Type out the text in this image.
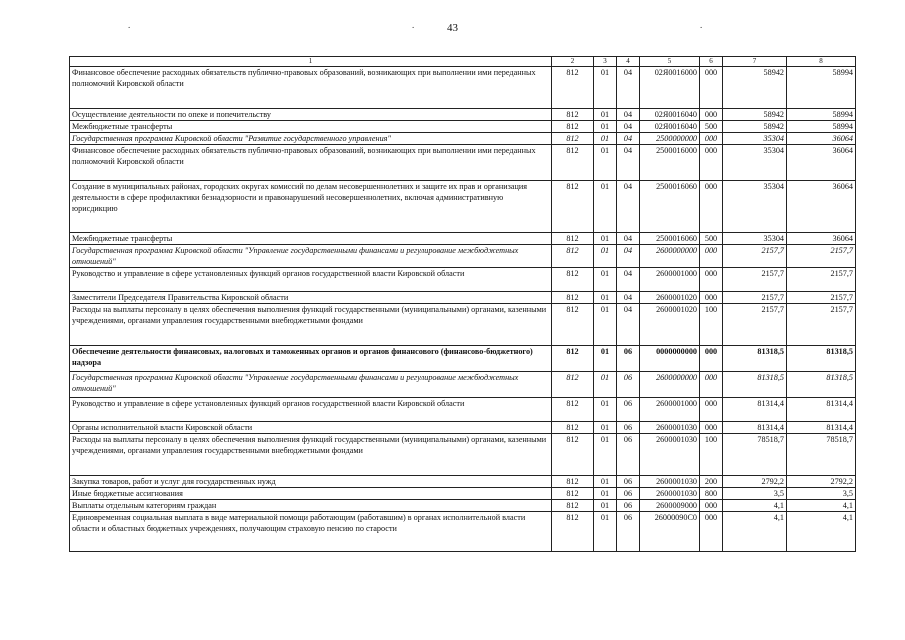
.	.	.
43
1	2	3	4	5	6	7	8
Финансовое обеспечение расходных обязательств публично-правовых образований, возникающих при выполнении ими переданных полномочий Кировской области	812	01	04	02Я0016000	000	58942	58994
Осуществление деятельности по опеке и попечительству	812	01	04	02Я0016040	000	58942	58994
Межбюджетные трансферты	812	01	04	02Я0016040	500	58942	58994
Государственная программа Кировской области "Развитие государственного управления"	812	01	04	2500000000	000	35304	36064
Финансовое обеспечение расходных обязательств публично-правовых образований, возникающих при выполнении ими переданных полномочий Кировской области	812	01	04	2500016000	000	35304	36064
Создание в муниципальных районах, городских округах комиссий по делам несовершеннолетних и защите их прав и организация деятельности в сфере профилактики безнадзорности и правонарушений несовершеннолетних, включая административную юрисдикцию	812	01	04	2500016060	000	35304	36064
Межбюджетные трансферты	812	01	04	2500016060	500	35304	36064
Государственная программа Кировской области "Управление государственными финансами и регулирование межбюджетных отношений"	812	01	04	2600000000	000	2157,7	2157,7
Руководство и управление в сфере установленных функций органов государственной власти Кировской области	812	01	04	2600001000	000	2157,7	2157,7
Заместители Председателя Правительства Кировской области	812	01	04	2600001020	000	2157,7	2157,7
Расходы на выплаты персоналу в целях обеспечения выполнения функций государственными (муниципальными) органами, казенными учреждениями, органами управления государственными внебюджетными фондами	812	01	04	2600001020	100	2157,7	2157,7
Обеспечение деятельности финансовых, налоговых и таможенных органов и органов финансового (финансово-бюджетного) надзора	812	01	06	0000000000	000	81318,5	81318,5
Государственная программа Кировской области "Управление государственными финансами и регулирование межбюджетных отношений"	812	01	06	2600000000	000	81318,5	81318,5
Руководство и управление в сфере установленных функций органов государственной власти Кировской области	812	01	06	2600001000	000	81314,4	81314,4
Органы исполнительной власти Кировской области	812	01	06	2600001030	000	81314,4	81314,4
Расходы на выплаты персоналу в целях обеспечения выполнения функций государственными (муниципальными) органами, казенными учреждениями, органами управления государственными внебюджетными фондами	812	01	06	2600001030	100	78518,7	78518,7
Закупка товаров, работ и услуг для государственных нужд	812	01	06	2600001030	200	2792,2	2792,2
Иные бюджетные ассигнования	812	01	06	2600001030	800	3,5	3,5
Выплаты отдельным категориям граждан	812	01	06	2600009000	000	4,1	4,1
Единовременная социальная выплата в виде материальной помощи работающим (работавшим) в органах исполнительной власти области и областных бюджетных учреждениях, получающим страховую пенсию по старости	812	01	06	26000090С0	000	4,1	4,1
